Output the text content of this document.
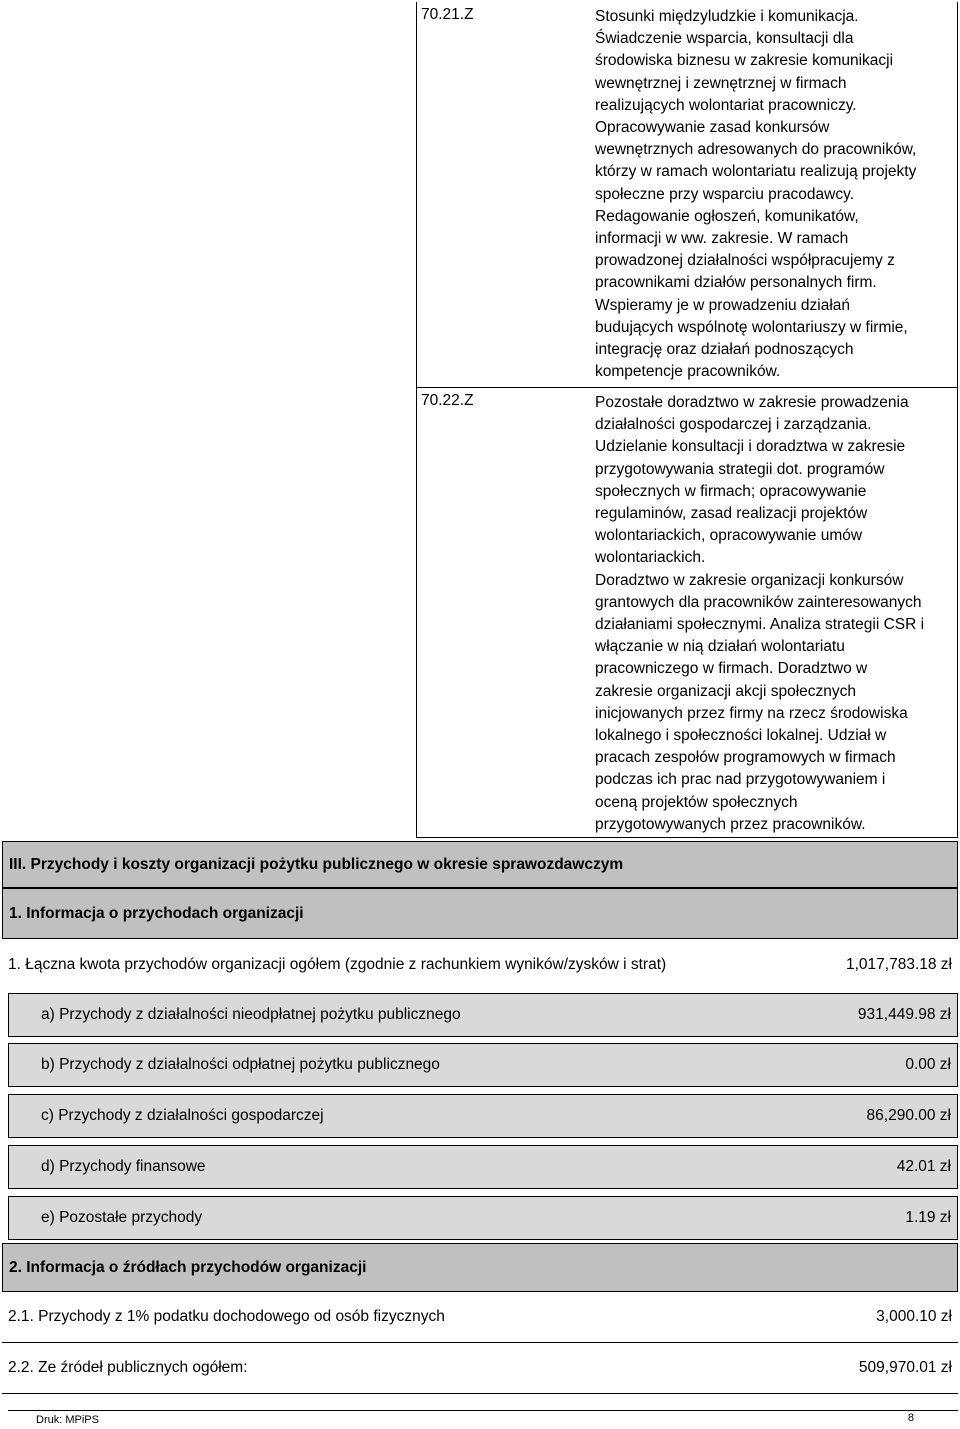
70.21.Z	Stosunki międzyludzkie i komunikacja.
Świadczenie wsparcia, konsultacji dla
środowiska biznesu w zakresie komunikacji
wewnętrznej i zewnętrznej w firmach
realizujących wolontariat pracowniczy.
Opracowywanie zasad konkursów
wewnętrznych adresowanych do pracowników,
którzy w ramach wolontariatu realizują projekty
społeczne przy wsparciu pracodawcy.
Redagowanie ogłoszeń, komunikatów,
informacji w ww. zakresie. W ramach
prowadzonej działalności współpracujemy z
pracownikami działów personalnych firm.
Wspieramy je w prowadzeniu działań
budujących wspólnotę wolontariuszy w firmie,
integrację oraz działań podnoszących
kompetencje pracowników.

70.22.Z	Pozostałe doradztwo w zakresie prowadzenia
działalności gospodarczej i zarządzania.
Udzielanie konsultacji i doradztwa w zakresie
przygotowywania strategii dot. programów
społecznych w firmach; opracowywanie
regulaminów, zasad realizacji projektów
wolontariackich, opracowywanie umów
wolontariackich.
Doradztwo w zakresie organizacji konkursów
grantowych dla pracowników zainteresowanych
działaniami społecznymi. Analiza strategii CSR i
włączanie w nią działań wolontariatu
pracowniczego w firmach. Doradztwo w
zakresie organizacji akcji społecznych
inicjowanych przez firmy na rzecz środowiska
lokalnego i społeczności lokalnej. Udział w
pracach zespołów programowych w firmach
podczas ich prac nad przygotowywaniem i
oceną projektów społecznych
przygotowywanych przez pracowników.

III. Przychody i koszty organizacji pożytku publicznego w okresie sprawozdawczym
1. Informacja o przychodach organizacji
1. Łączna kwota przychodów organizacji ogółem (zgodnie z rachunkiem wyników/zysków i strat)	1,017,783.18 zł
a) Przychody z działalności nieodpłatnej pożytku publicznego	931,449.98 zł
b) Przychody z działalności odpłatnej pożytku publicznego	0.00 zł
c) Przychody z działalności gospodarczej	86,290.00 zł
d) Przychody finansowe	42.01 zł
e) Pozostałe przychody	1.19 zł
2. Informacja o źródłach przychodów organizacji
2.1. Przychody z 1% podatku dochodowego od osób fizycznych	3,000.10 zł
2.2. Ze źródeł publicznych ogółem:	509,970.01 zł
Druk: MPiPS	8
